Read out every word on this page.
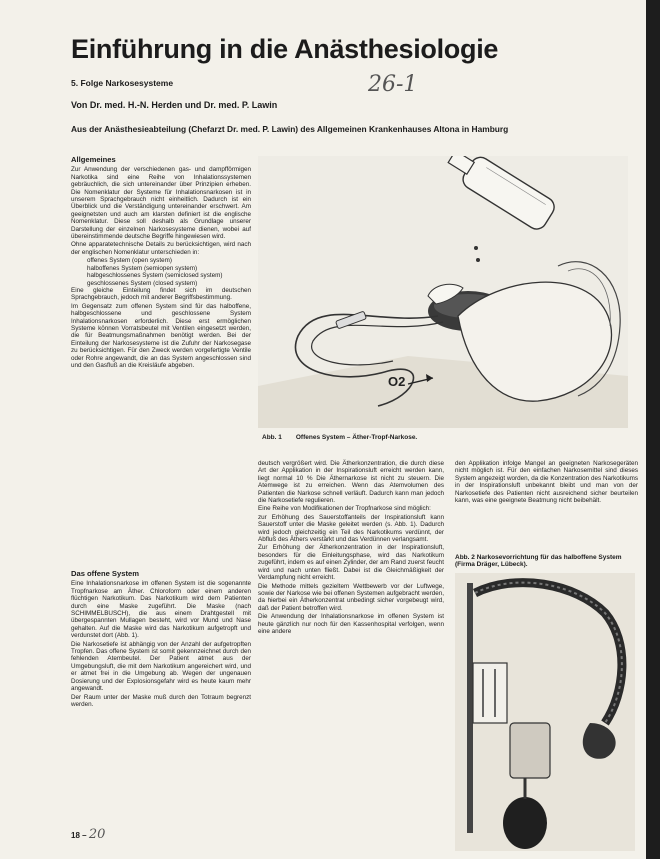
Einführung in die Anästhesiologie
5. Folge Narkosesysteme	26-1
Von Dr. med. H.-N. Herden und Dr. med. P. Lawin
Aus der Anästhesieabteilung (Chefarzt Dr. med. P. Lawin) des Allgemeinen Krankenhauses Altona in Hamburg
Allgemeines

Zur Anwendung der verschiedenen gas- und dampfförmigen Narkotika sind eine Reihe von Inhalationssystemen gebräuchlich, die sich untereinander über Prinzipien erheben. Die Nomenklatur der Systeme für Inhalationsnarkosen ist in unserem Sprachgebrauch nicht einheitlich. Dadurch ist ein Überblick und die Verständigung untereinander erschwert. Am geeignetsten und auch am klarsten definiert ist die englische Nomenklatur. Diese soll deshalb als Grundlage unserer Darstellung der einzelnen Narkosesysteme dienen, wobei auf übereinstimmende deutsche Begriffe hingewiesen wird.

Ohne apparatetechnische Details zu berücksichtigen, wird nach der englischen Nomenklatur unterschieden in:

offenes System (open system)
halboffenes System (semiopen system)
halbgeschlossenes System (semiclosed system)
geschlossenes System (closed system)

Eine gleiche Einteilung findet sich im deutschen Sprachgebrauch, jedoch mit anderer Begriffsbestimmung.

Im Gegensatz zum offenen System sind für das halboffene, halbgeschlossene und geschlossene System Inhalationsnarkosen erforderlich. Diese erst ermöglichen Systeme können Vorratsbeutel mit Ventilen eingesetzt werden, die für Beatmungsmaßnahmen benötigt werden. Bei der Einteilung der Narkosesysteme ist die Zufuhr der Narkosegase zu berücksichtigen. Für den Zweck werden vorgefertigte Ventile oder Rohre angewandt, die an das System angeschlossen sind und den Gasfluß an die Kreisläufe abgeben.

Das offene System

Eine Inhalationsnarkose im offenen System ist die sogenannte Tropfnarkose am Äther. Chloroform oder einem anderen flüchtigen Narkotikum. Das Narkotikum wird dem Patienten durch eine Maske zugeführt. Die Maske (nach SCHIMMELBUSCH), die aus einem Drahtgestell mit übergespannten Mullagen besteht, wird vor Mund und Nase gehalten. Auf die Maske wird das Narkotikum aufgetropft und verdunstet dort (Abb. 1).

Die Narkosetiefe ist abhängig von der Anzahl der aufgetropften Tropfen. Das offene System ist somit gekennzeichnet durch den fehlenden Atembeutel. Der Patient atmet aus der Umgebungsluft, die mit dem Narkotikum angereichert wird, und er atmet frei in die Umgebung ab. Wegen der ungenauen Dosierung und der Explosionsgefahr wird es heute kaum mehr angewandt.

Der Raum unter der Maske muß durch den Totraum begrenzt werden.

O2
Abb. 1 Offenes System – Äther-Tropf-Narkose.

deutsch vergrößert wird. Die Ätherkonzentration, die durch diese Art der Applikation in der Inspirationsluft erreicht werden kann, liegt normal 10 % Die Äthernarkose ist nicht zu steuern. Die Atemwege ist zu erreichen. Wenn das Atemvolumen des Patienten die Narkose schnell verläuft. Dadurch kann man jedoch die Narkosetiefe regulieren.

Eine Reihe von Modifikationen der Tropfnarkose sind möglich:

zur Erhöhung des Sauerstoffanteils der Inspirationsluft kann Sauerstoff unter die Maske geleitet werden (s. Abb. 1). Dadurch wird jedoch gleichzeitig ein Teil des Narkotikums verdünnt, der Abfluß des Äthers verstärkt und das Verdünnen verlangsamt.

Zur Erhöhung der Ätherkonzentration in der Inspirationsluft, besonders für die Einleitungsphase, wird das Narkotikum zugeführt, indem es auf einen Zylinder, der am Rand zuerst feucht wird und nach unten fließt. Dabei ist die Gleichmäßigkeit der Verdampfung nicht erreicht.

Die Methode mittels gezieltem Wettbewerb vor der Luftwege, sowie der Narkose wie bei offenen Systemen aufgebracht werden, da hierbei ein Ätherkonzentrat unbedingt sicher vorgebeugt wird, daß der Patient betroffen wird.

Die Anwendung der Inhalationsnarkose im offenen System ist heute gänzlich nur noch für den Kassenhospital verfolgen, wenn eine andere

den Applikation infolge Mangel an geeigneten Narkosegeräten nicht möglich ist. Für den einfachen Narkosemittel sind dieses System angezeigt worden, da die Konzentration des Narkotikums in der Inspirationsluft unbekannt bleibt und man von der Narkosetiefe des Patienten nicht ausreichend sicher beurteilen kann, was eine geeignete Beatmung nicht beibehält.

Abb. 2 Narkosevorrichtung für das halboffene System (Firma Dräger, Lübeck).
18 – 20
